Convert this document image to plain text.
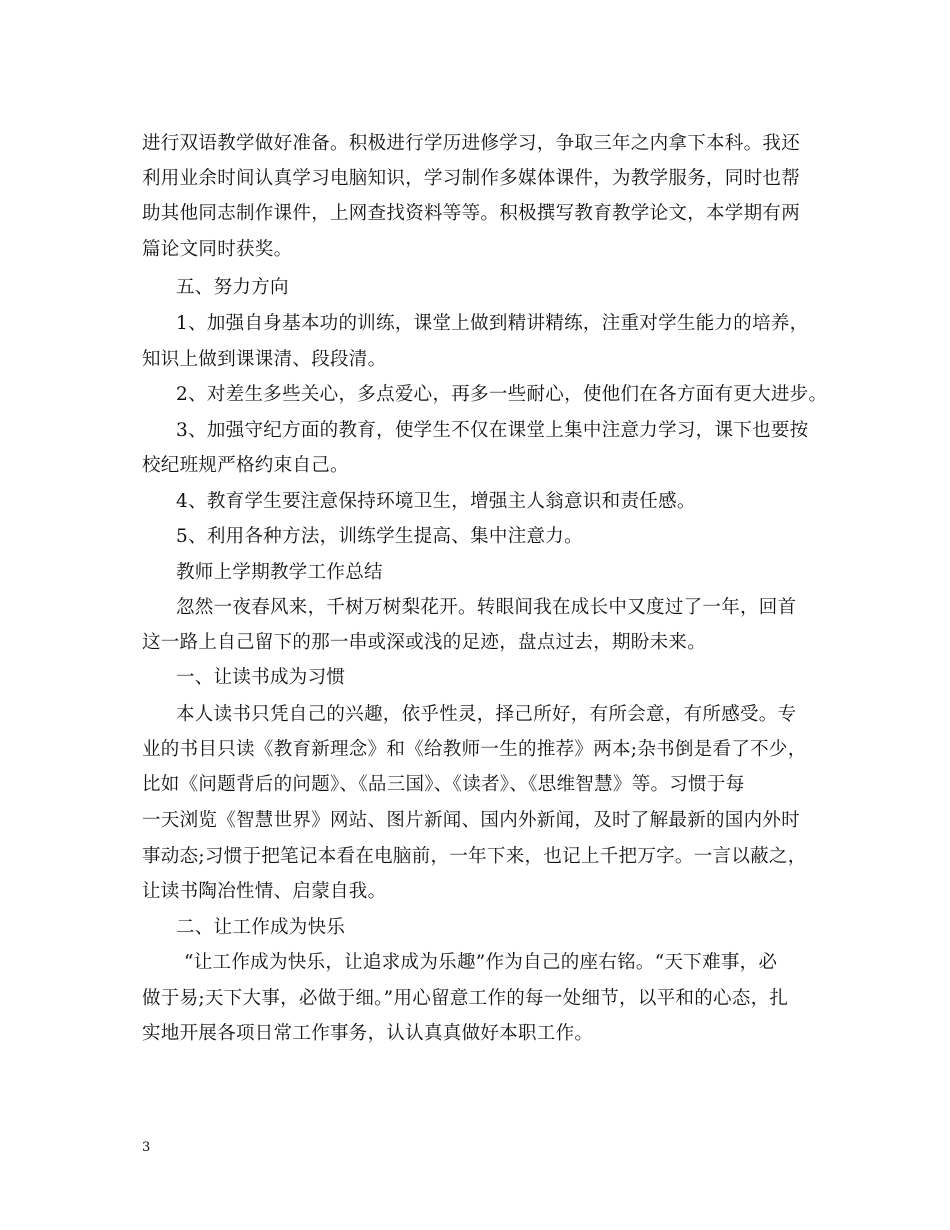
进行双语教学做好准备。积极进行学历进修学习，争取三年之内拿下本科。我还
利用业余时间认真学习电脑知识，学习制作多媒体课件，为教学服务，同时也帮
助其他同志制作课件，上网查找资料等等。积极撰写教育教学论文，本学期有两
篇论文同时获奖。
五、努力方向
1、加强自身基本功的训练，课堂上做到精讲精练，注重对学生能力的培养，
知识上做到课课清、段段清。
2、对差生多些关心，多点爱心，再多一些耐心，使他们在各方面有更大进步。
3、加强守纪方面的教育，使学生不仅在课堂上集中注意力学习，课下也要按
校纪班规严格约束自己。
4、教育学生要注意保持环境卫生，增强主人翁意识和责任感。
5、利用各种方法，训练学生提高、集中注意力。
教师上学期教学工作总结
忽然一夜春风来，千树万树梨花开。转眼间我在成长中又度过了一年，回首
这一路上自己留下的那一串或深或浅的足迹，盘点过去，期盼未来。
一、让读书成为习惯
本人读书只凭自己的兴趣，依乎性灵，择己所好，有所会意，有所感受。专
业的书目只读《教育新理念》和《给教师一生的推荐》两本;杂书倒是看了不少，
比如《问题背后的问题》、《品三国》、《读者》、《思维智慧》等。习惯于每
一天浏览《智慧世界》网站、图片新闻、国内外新闻，及时了解最新的国内外时
事动态;习惯于把笔记本看在电脑前，一年下来，也记上千把万字。一言以蔽之，
让读书陶冶性情、启蒙自我。
二、让工作成为快乐
“让工作成为快乐，让追求成为乐趣”作为自己的座右铭。“天下难事，必
做于易;天下大事，必做于细。”用心留意工作的每一处细节，以平和的心态，扎
实地开展各项日常工作事务，认认真真做好本职工作。
3
